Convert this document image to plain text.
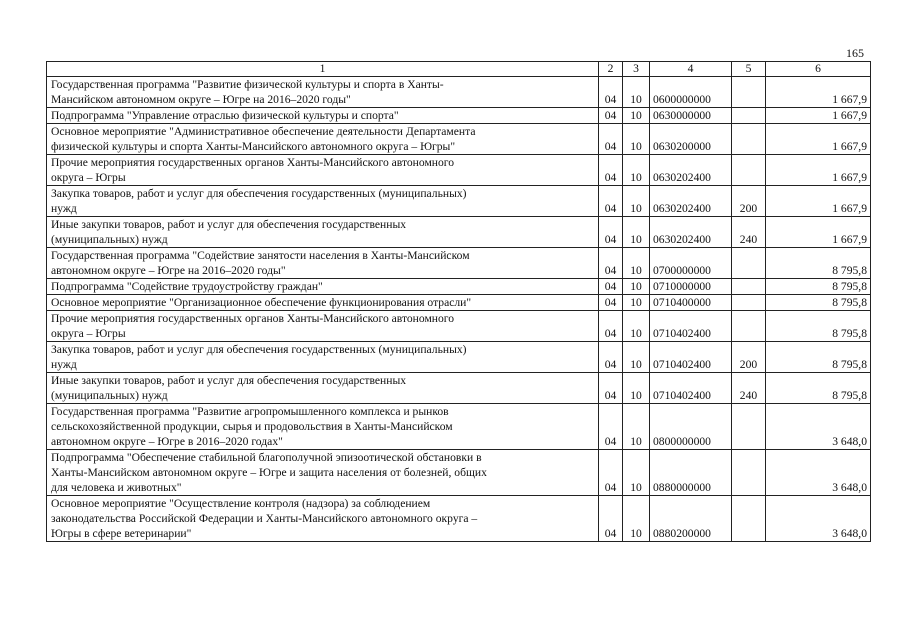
165
1	2	3	4	5	6
Государственная программа "Развитие физической культуры и спорта в Ханты-
Мансийском автономном округе – Югре на 2016–2020 годы"	04	10	0600000000		1 667,9
Подпрограмма "Управление отраслью физической культуры и спорта"	04	10	0630000000		1 667,9
Основное мероприятие "Административное обеспечение деятельности Департамента
физической культуры и спорта Ханты-Мансийского автономного округа – Югры"	04	10	0630200000		1 667,9
Прочие мероприятия государственных органов Ханты-Мансийского автономного
округа – Югры	04	10	0630202400		1 667,9
Закупка товаров, работ и услуг для обеспечения государственных (муниципальных)
нужд	04	10	0630202400	200	1 667,9
Иные закупки товаров, работ и услуг для обеспечения государственных
(муниципальных) нужд	04	10	0630202400	240	1 667,9
Государственная программа "Содействие занятости населения в Ханты-Мансийском
автономном округе – Югре на 2016–2020 годы"	04	10	0700000000		8 795,8
Подпрограмма "Содействие трудоустройству граждан"	04	10	0710000000		8 795,8
Основное мероприятие "Организационное обеспечение функционирования отрасли"	04	10	0710400000		8 795,8
Прочие мероприятия государственных органов Ханты-Мансийского автономного
округа – Югры	04	10	0710402400		8 795,8
Закупка товаров, работ и услуг для обеспечения государственных (муниципальных)
нужд	04	10	0710402400	200	8 795,8
Иные закупки товаров, работ и услуг для обеспечения государственных
(муниципальных) нужд	04	10	0710402400	240	8 795,8
Государственная программа "Развитие агропромышленного комплекса и рынков
сельскохозяйственной продукции, сырья и продовольствия в Ханты-Мансийском
автономном округе – Югре в 2016–2020 годах"	04	10	0800000000		3 648,0
Подпрограмма "Обеспечение стабильной благополучной эпизоотической обстановки в
Ханты-Мансийском автономном округе – Югре и защита населения от болезней, общих
для человека и животных"	04	10	0880000000		3 648,0
Основное мероприятие "Осуществление контроля (надзора) за соблюдением
законодательства Российской Федерации и Ханты-Мансийского автономного округа –
Югры в сфере ветеринарии"	04	10	0880200000		3 648,0
